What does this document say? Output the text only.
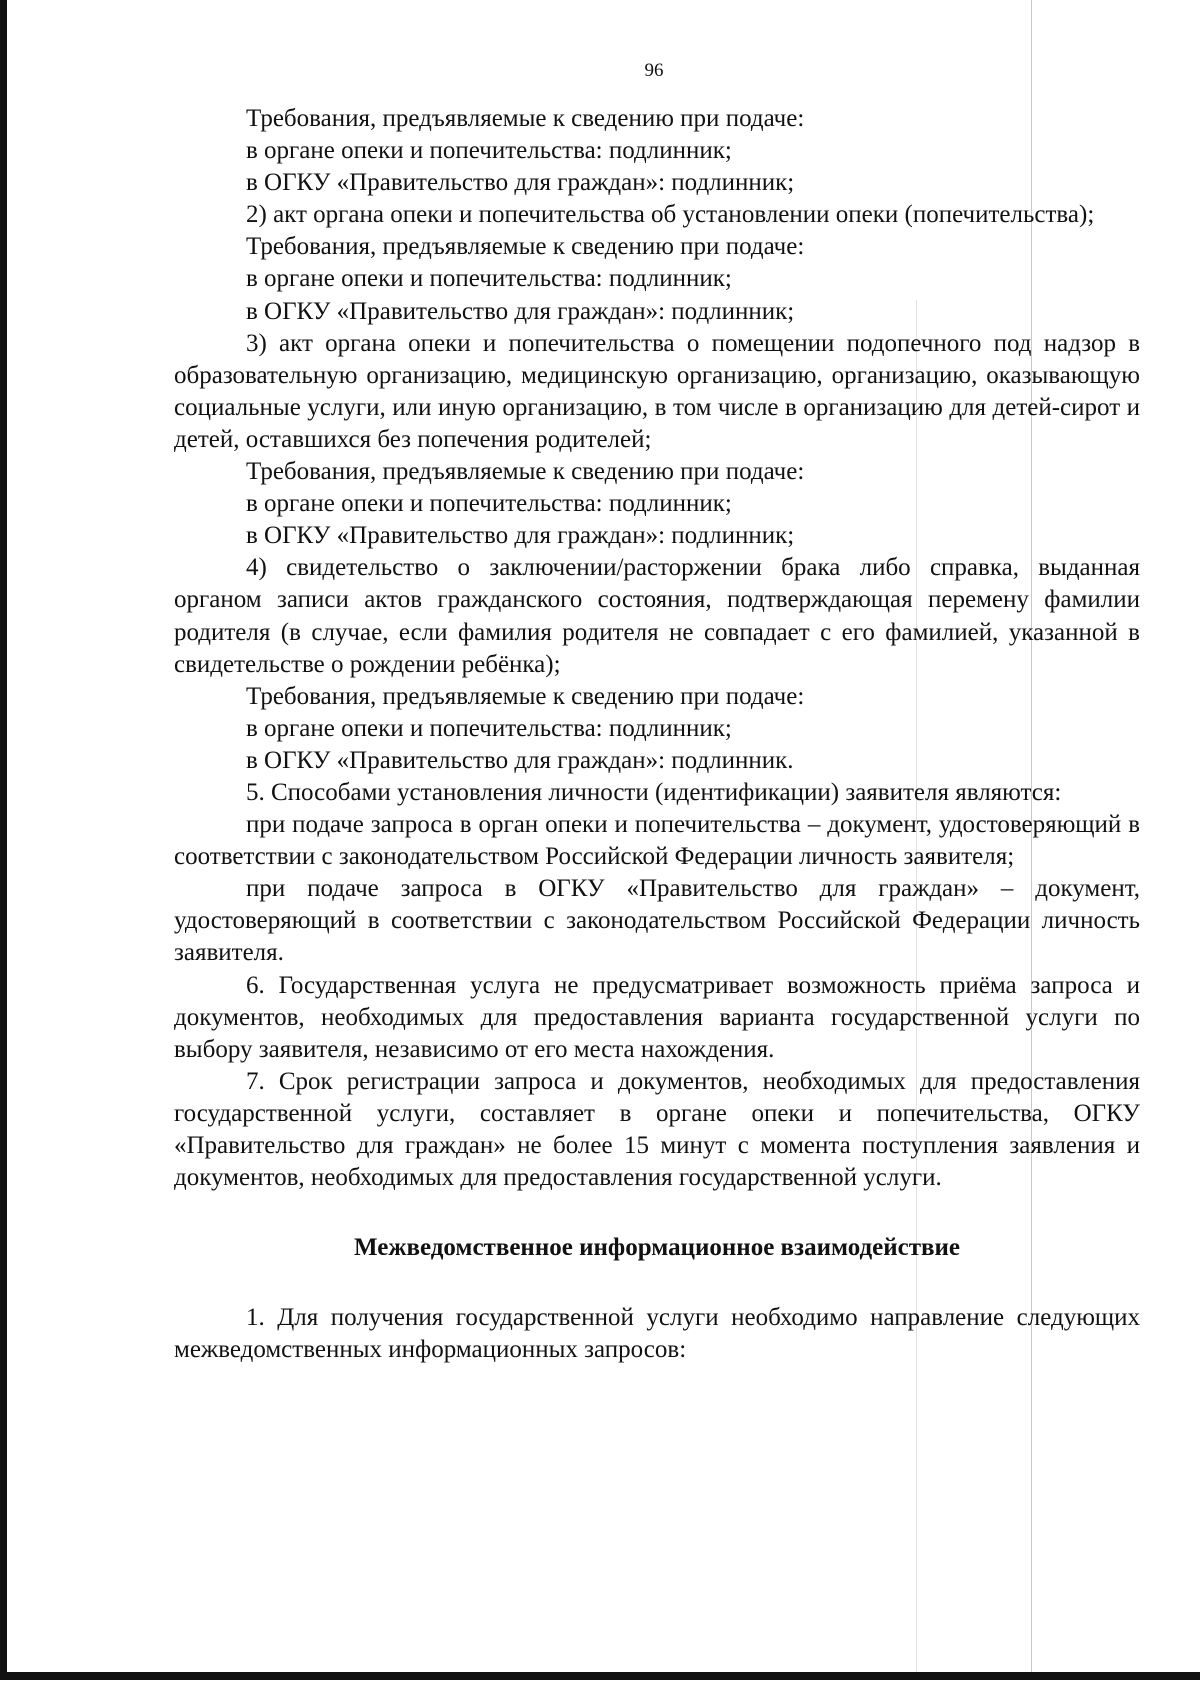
96

Требования, предъявляемые к сведению при подаче:

в органе опеки и попечительства: подлинник;

в ОГКУ «Правительство для граждан»: подлинник;

2) акт органа опеки и попечительства об установлении опеки (попечительства);

Требования, предъявляемые к сведению при подаче:

в органе опеки и попечительства: подлинник;

в ОГКУ «Правительство для граждан»: подлинник;

3) акт органа опеки и попечительства о помещении подопечного под надзор в образовательную организацию, медицинскую организацию, организацию, оказывающую социальные услуги, или иную организацию, в том числе в организацию для детей-сирот и детей, оставшихся без попечения родителей;

Требования, предъявляемые к сведению при подаче:

в органе опеки и попечительства: подлинник;

в ОГКУ «Правительство для граждан»: подлинник;

4) свидетельство о заключении/расторжении брака либо справка, выданная органом записи актов гражданского состояния, подтверждающая перемену фамилии родителя (в случае, если фамилия родителя не совпадает с его фамилией, указанной в свидетельстве о рождении ребёнка);

Требования, предъявляемые к сведению при подаче:

в органе опеки и попечительства: подлинник;

в ОГКУ «Правительство для граждан»: подлинник.

5. Способами установления личности (идентификации) заявителя являются:

при подаче запроса в орган опеки и попечительства – документ, удостоверяющий в соответствии с законодательством Российской Федерации личность заявителя;

при подаче запроса в ОГКУ «Правительство для граждан» – документ, удостоверяющий в соответствии с законодательством Российской Федерации личность заявителя.

6. Государственная услуга не предусматривает возможность приёма запроса и документов, необходимых для предоставления варианта государственной услуги по выбору заявителя, независимо от его места нахождения.

7. Срок регистрации запроса и документов, необходимых для предоставления государственной услуги, составляет в органе опеки и попечительства, ОГКУ «Правительство для граждан» не более 15 минут с момента поступления заявления и документов, необходимых для предоставления государственной услуги.

Межведомственное информационное взаимодействие

1. Для получения государственной услуги необходимо направление следующих межведомственных информационных запросов:
